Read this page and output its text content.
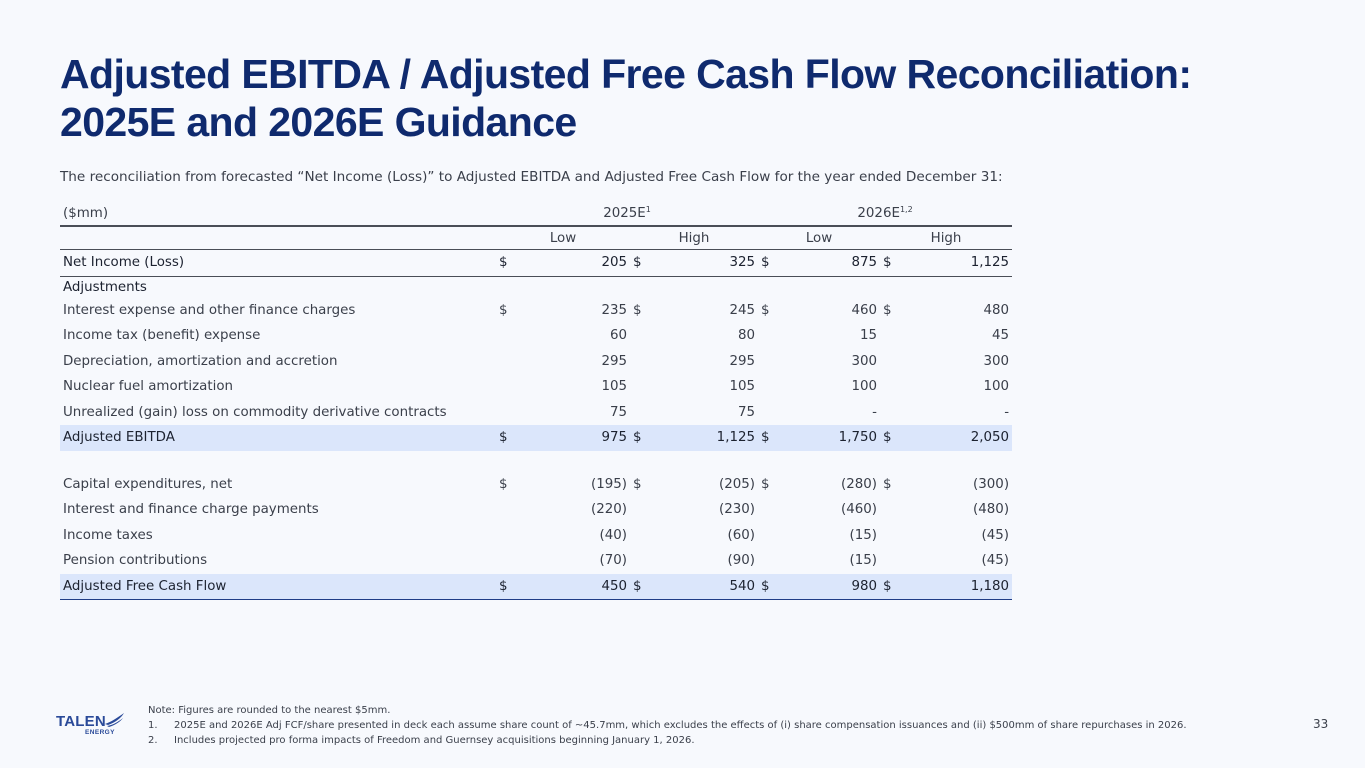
Adjusted EBITDA / Adjusted Free Cash Flow Reconciliation:
2025E and 2026E Guidance
The reconciliation from forecasted “Net Income (Loss)” to Adjusted EBITDA and Adjusted Free Cash Flow for the year ended December 31:
($mm)	$2025E^1$				$2026E^{1,2}$
	Low		High		Low		High	
Net Income (Loss)	$	205	$	325	$	875	$	1,125
Adjustments								
Interest expense and other finance charges	$	235	$	245	$	460	$	480
Income tax (benefit) expense		60		80		15		45
Depreciation, amortization and accretion		295		295		300		300
Nuclear fuel amortization		105		105		100		100
Unrealized (gain) loss on commodity derivative contracts		75		75		-		-
Adjusted EBITDA	$	975	$	1,125	$	1,750	$	2,050

Capital expenditures, net	$	(195)	$	(205)	$	(280)	$	(300)
Interest and finance charge payments		(220)		(230)		(460)		(480)
Income taxes		(40)		(60)		(15)		(45)
Pension contributions		(70)		(90)		(15)		(45)
Adjusted Free Cash Flow	$	450	$	540	$	980	$	1,180
TALEN
ENERGY
Note: Figures are rounded to the nearest $5mm.
1.	2025E and 2026E Adj FCF/share presented in deck each assume share count of ~45.7mm, which excludes the effects of (i) share compensation issuances and (ii) $500mm of share repurchases in 2026.
2.	Includes projected pro forma impacts of Freedom and Guernsey acquisitions beginning January 1, 2026.
33
